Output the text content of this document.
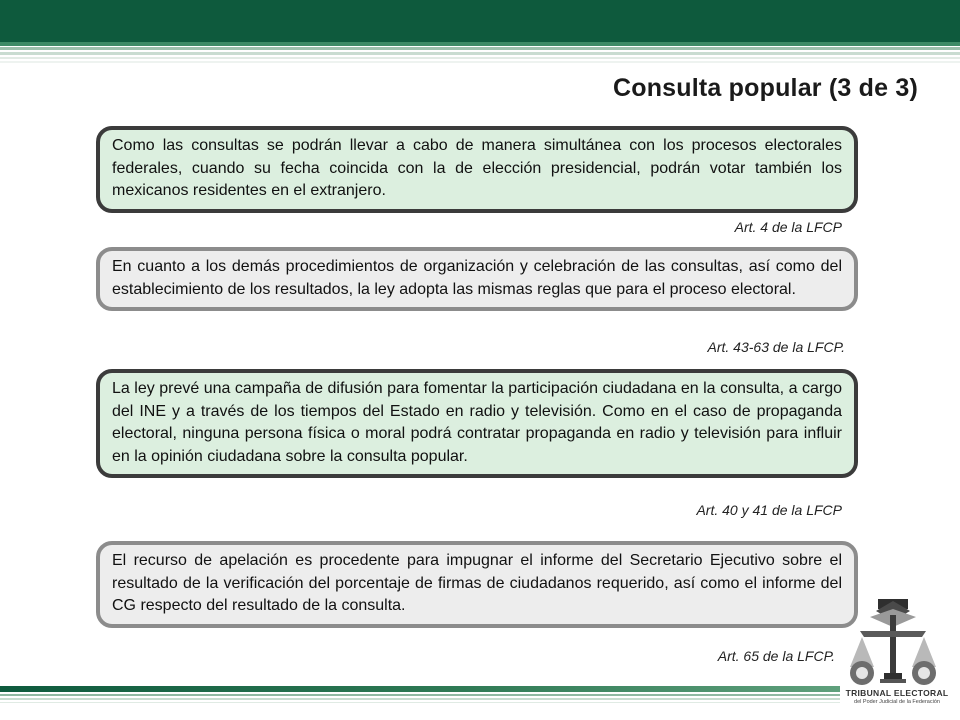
Consulta popular (3 de 3)
Como las consultas se podrán llevar a cabo de manera simultánea con los procesos electorales federales, cuando su fecha coincida con la de elección presidencial, podrán votar también los mexicanos residentes en el extranjero.
Art. 4 de la LFCP
En cuanto a los demás procedimientos de organización y celebración de las consultas, así como del establecimiento de los resultados, la ley adopta las mismas reglas que para el proceso electoral.
Art. 43-63 de la LFCP.
La ley prevé una campaña de difusión para fomentar la participación ciudadana en la consulta, a cargo del INE y a través de los tiempos del Estado en radio y televisión. Como en el caso de propaganda electoral, ninguna persona física o moral podrá contratar propaganda en radio y televisión para influir en la opinión ciudadana sobre la consulta popular.
Art. 40 y 41 de la LFCP
El recurso de apelación es procedente para impugnar el informe del Secretario Ejecutivo sobre el resultado de la verificación del porcentaje de firmas de ciudadanos requerido, así como el informe del CG respecto del resultado de la consulta.
Art. 65 de la LFCP.
TRIBUNAL ELECTORAL
del Poder Judicial de la Federación
